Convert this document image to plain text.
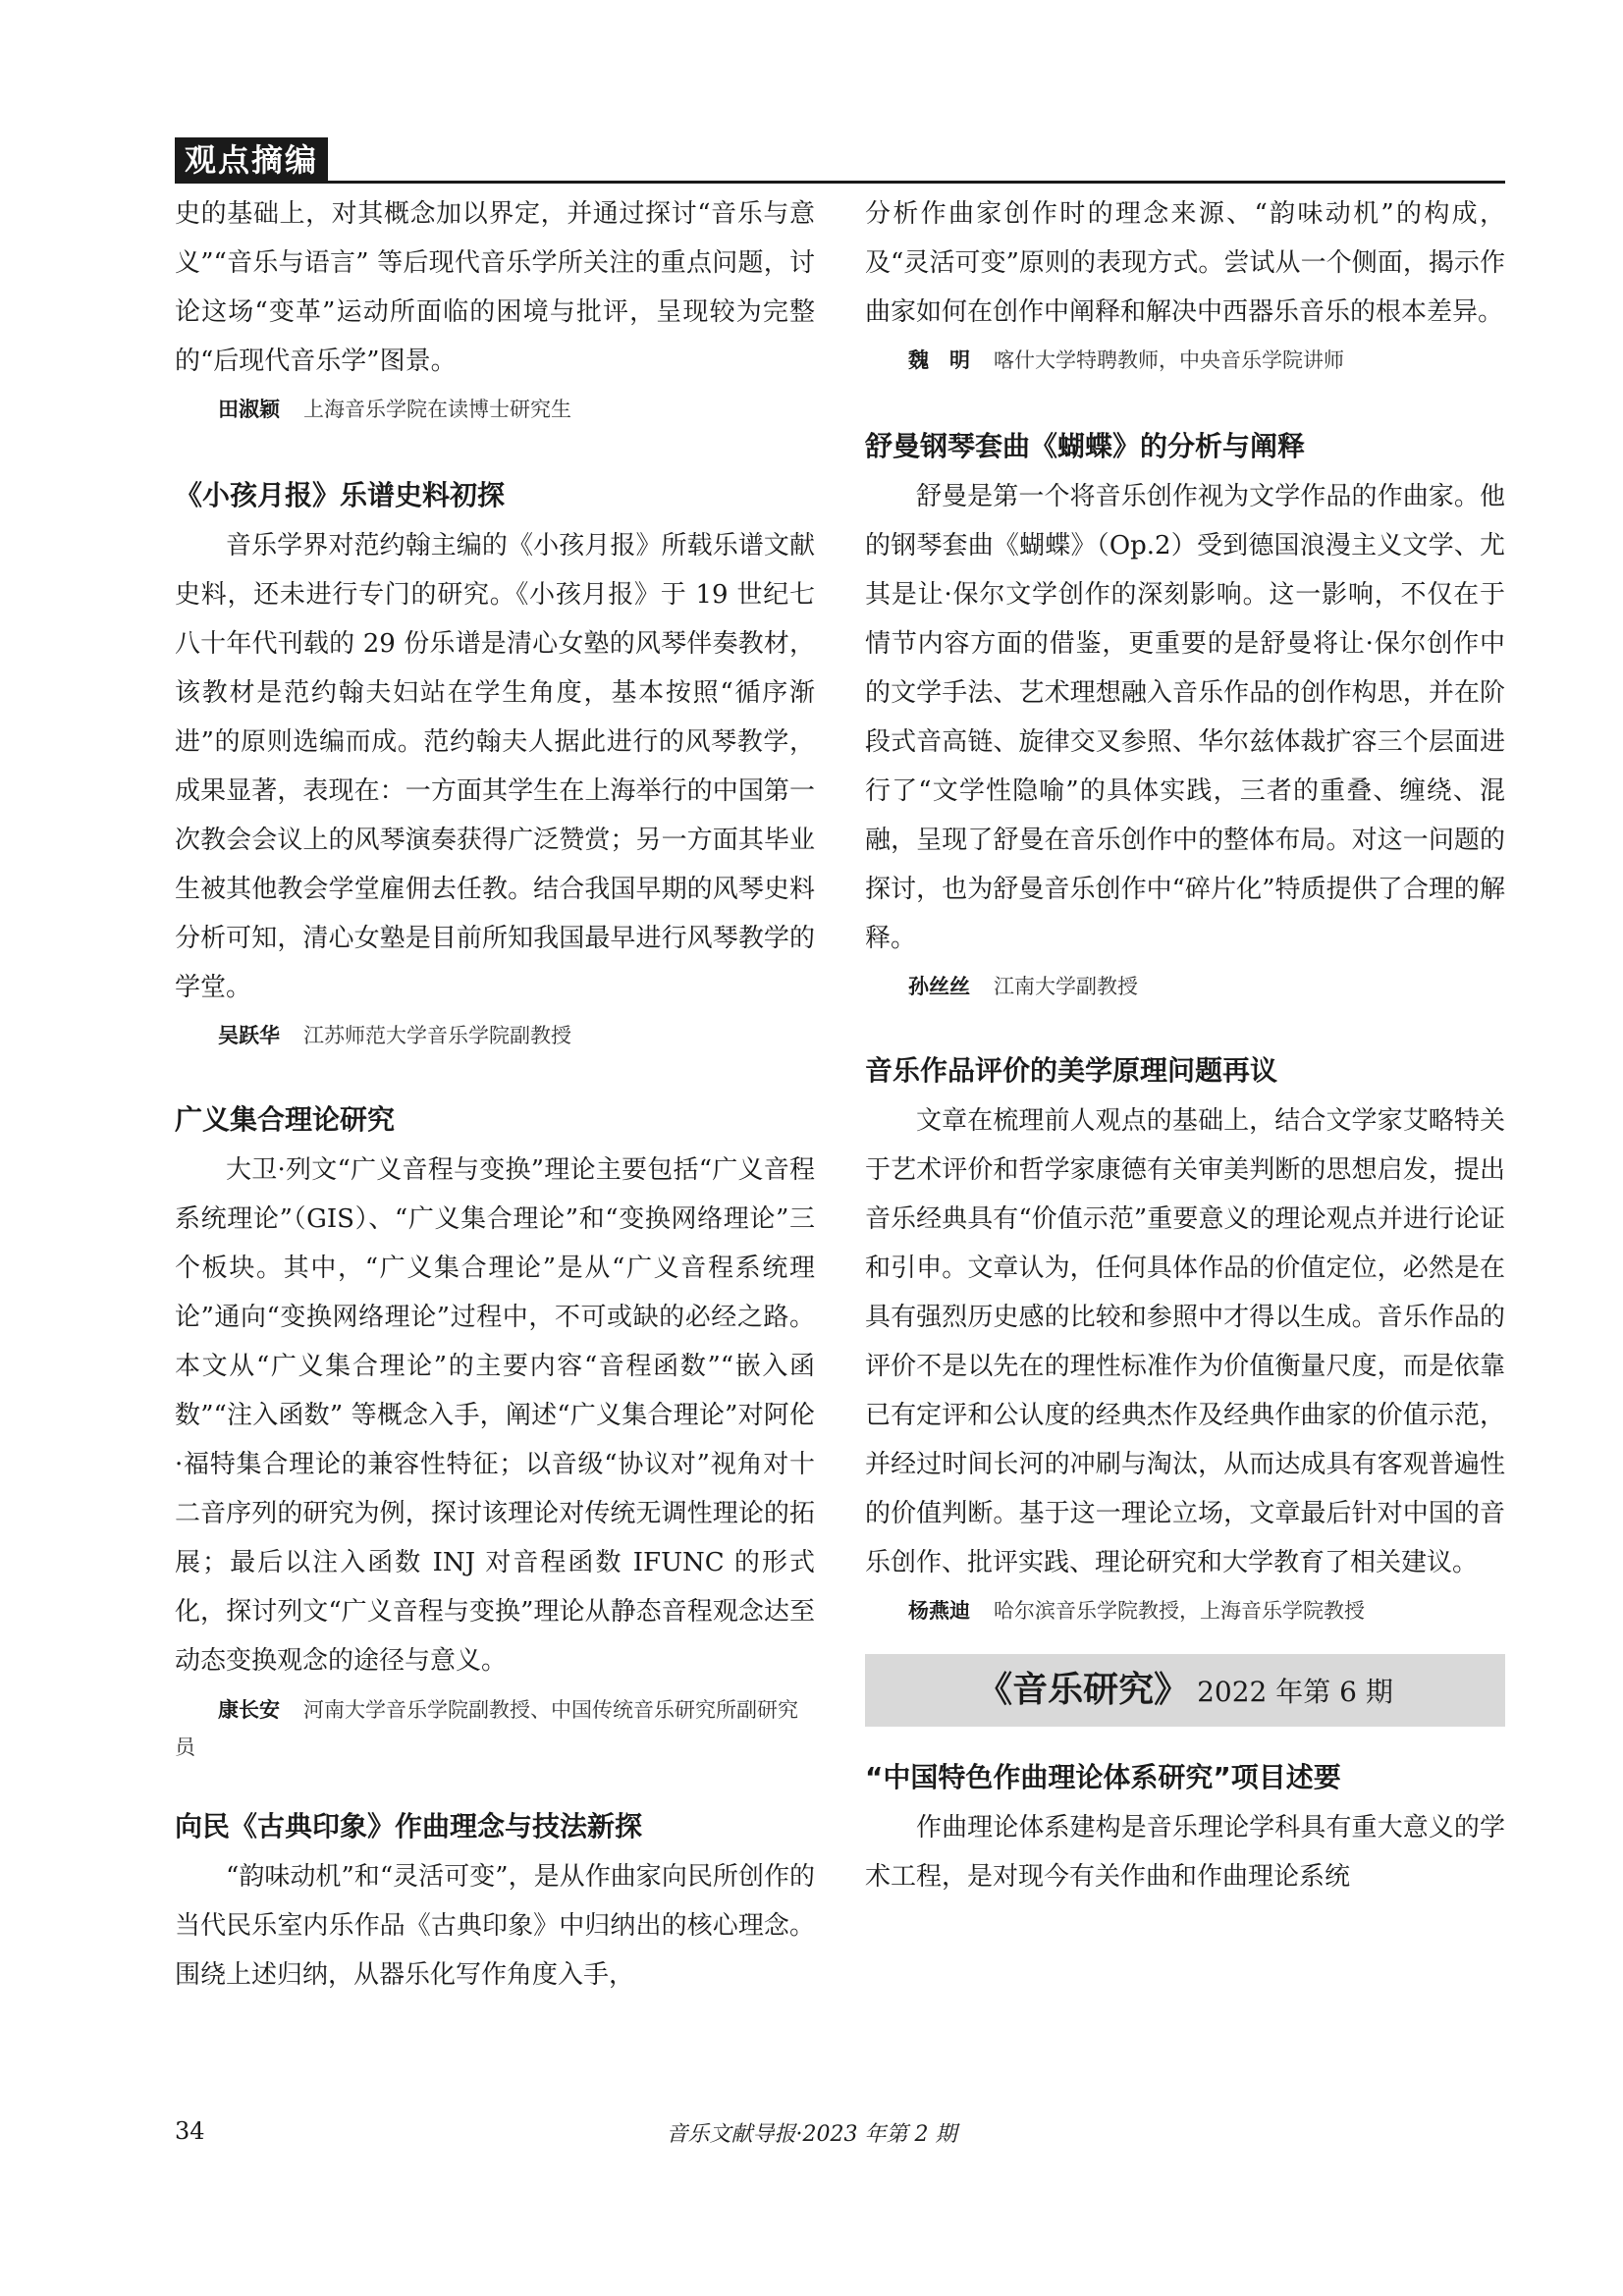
观点摘编

史的基础上，对其概念加以界定，并通过探讨“音乐与意义”“音乐与语言” 等后现代音乐学所关注的重点问题，讨论这场“变革”运动所面临的困境与批评，呈现较为完整的“后现代音乐学”图景。

田淑颖 上海音乐学院在读博士研究生

《小孩月报》乐谱史料初探

音乐学界对范约翰主编的《小孩月报》所载乐谱文献史料，还未进行专门的研究。《小孩月报》于 19 世纪七八十年代刊载的 29 份乐谱是清心女塾的风琴伴奏教材，该教材是范约翰夫妇站在学生角度，基本按照“循序渐进”的原则选编而成。范约翰夫人据此进行的风琴教学，成果显著，表现在：一方面其学生在上海举行的中国第一次教会会议上的风琴演奏获得广泛赞赏；另一方面其毕业生被其他教会学堂雇佣去任教。结合我国早期的风琴史料分析可知，清心女塾是目前所知我国最早进行风琴教学的学堂。

吴跃华 江苏师范大学音乐学院副教授

广义集合理论研究

大卫·列文“广义音程与变换”理论主要包括“广义音程系统理论”（GIS）、“广义集合理论”和“变换网络理论”三个板块。其中，“广义集合理论”是从“广义音程系统理论”通向“变换网络理论”过程中，不可或缺的必经之路。本文从“广义集合理论”的主要内容“音程函数”“嵌入函数”“注入函数” 等概念入手，阐述“广义集合理论”对阿伦·福特集合理论的兼容性特征；以音级“协议对”视角对十二音序列的研究为例，探讨该理论对传统无调性理论的拓展；最后以注入函数 INJ 对音程函数 IFUNC 的形式化，探讨列文“广义音程与变换”理论从静态音程观念达至动态变换观念的途径与意义。

康长安 河南大学音乐学院副教授、中国传统音乐研究所副研究员

向民《古典印象》作曲理念与技法新探

“韵味动机”和“灵活可变”，是从作曲家向民所创作的当代民乐室内乐作品《古典印象》中归纳出的核心理念。围绕上述归纳，从器乐化写作角度入手，

分析作曲家创作时的理念来源、“韵味动机”的构成，及“灵活可变”原则的表现方式。尝试从一个侧面，揭示作曲家如何在创作中阐释和解决中西器乐音乐的根本差异。

魏　明 喀什大学特聘教师，中央音乐学院讲师

舒曼钢琴套曲《蝴蝶》的分析与阐释

舒曼是第一个将音乐创作视为文学作品的作曲家。他的钢琴套曲《蝴蝶》（Op.2）受到德国浪漫主义文学、尤其是让·保尔文学创作的深刻影响。这一影响，不仅在于情节内容方面的借鉴，更重要的是舒曼将让·保尔创作中的文学手法、艺术理想融入音乐作品的创作构思，并在阶段式音高链、旋律交叉参照、华尔兹体裁扩容三个层面进行了“文学性隐喻”的具体实践，三者的重叠、缠绕、混融，呈现了舒曼在音乐创作中的整体布局。对这一问题的探讨，也为舒曼音乐创作中“碎片化”特质提供了合理的解释。

孙丝丝 江南大学副教授

音乐作品评价的美学原理问题再议

文章在梳理前人观点的基础上，结合文学家艾略特关于艺术评价和哲学家康德有关审美判断的思想启发，提出音乐经典具有“价值示范”重要意义的理论观点并进行论证和引申。文章认为，任何具体作品的价值定位，必然是在具有强烈历史感的比较和参照中才得以生成。音乐作品的评价不是以先在的理性标准作为价值衡量尺度，而是依靠已有定评和公认度的经典杰作及经典作曲家的价值示范，并经过时间长河的冲刷与淘汰，从而达成具有客观普遍性的价值判断。基于这一理论立场，文章最后针对中国的音乐创作、批评实践、理论研究和大学教育了相关建议。

杨燕迪 哈尔滨音乐学院教授，上海音乐学院教授

《音乐研究》 2022 年第 6 期

“中国特色作曲理论体系研究”项目述要

作曲理论体系建构是音乐理论学科具有重大意义的学术工程，是对现今有关作曲和作曲理论系统

34	音乐文献导报·2023 年第 2 期
